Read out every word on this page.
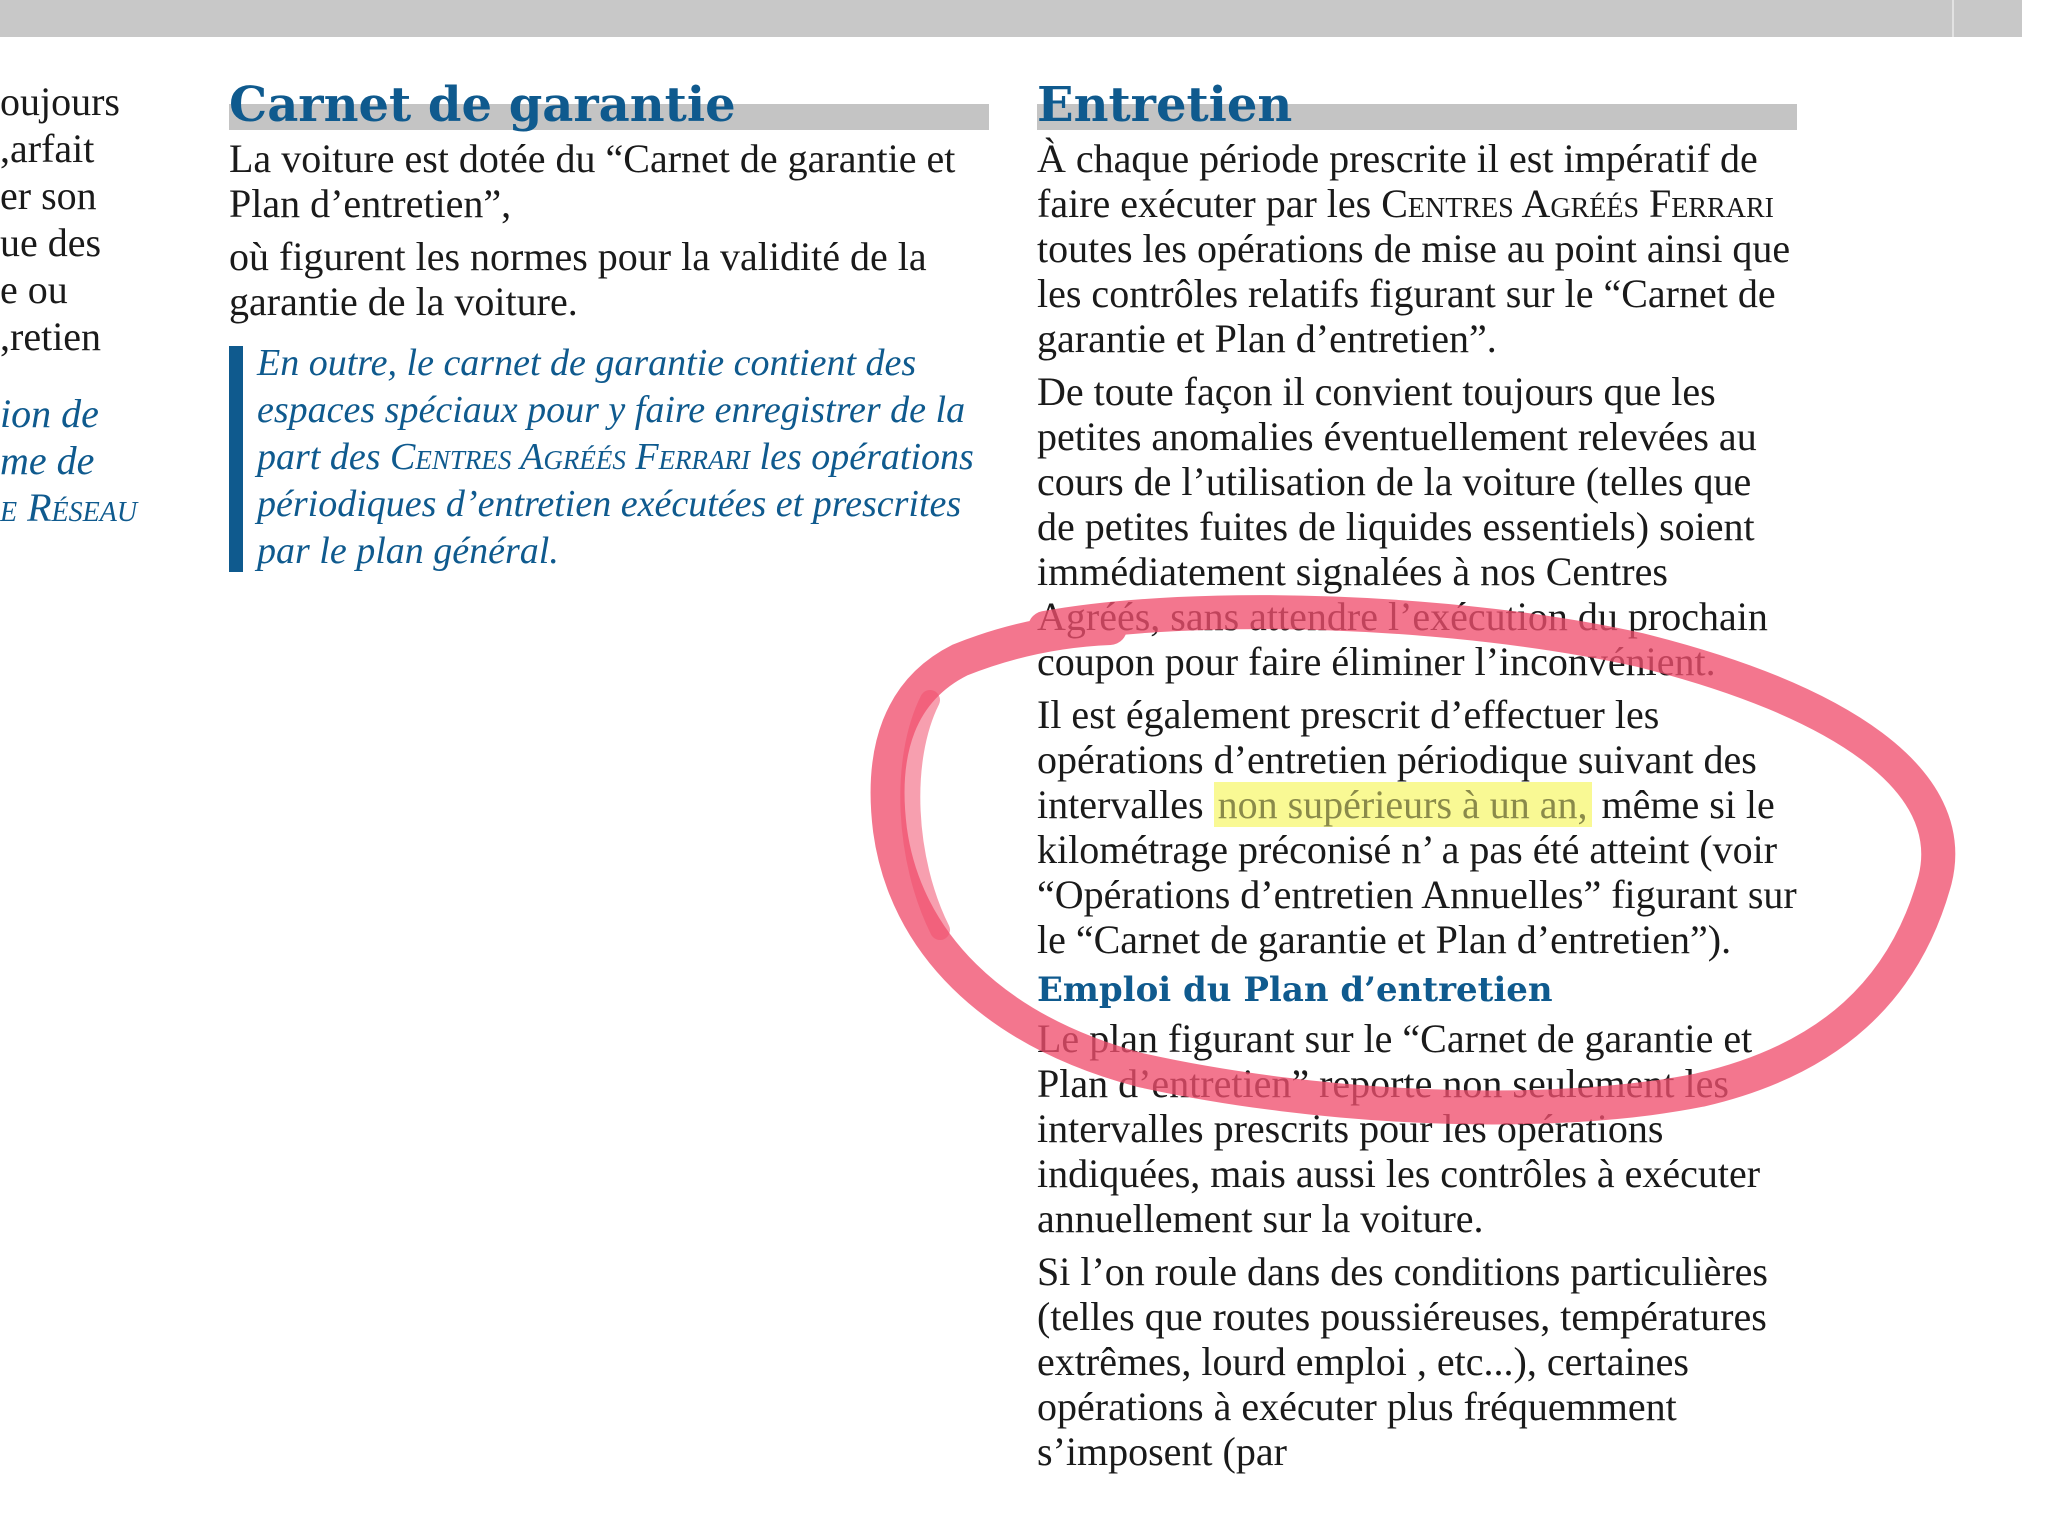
oujours
arfait,
er son
ue des
e ou
retien,
ion de
me de
e Réseau
Carnet de garantie

La voiture est dotée du “Carnet de garantie et Plan d’entretien”,

où figurent les normes pour la validité de la garantie de la voiture.

En outre, le carnet de garantie contient des espaces spéciaux pour y faire enregistrer de la part des Centres Agréés Ferrari les opérations périodiques d’entretien exécutées et prescrites par le plan général.

Entretien

À chaque période prescrite il est impératif de faire exécuter par les Centres Agréés Ferrari toutes les opérations de mise au point ainsi que les contrôles relatifs figurant sur le “Carnet de garantie et Plan d’entretien”.

De toute façon il convient toujours que les petites anomalies éventuellement relevées au cours de l’utilisation de la voiture (telles que de petites fuites de liquides essentiels) soient immédiatement signalées à nos Centres Agréés, sans attendre l’exécution du prochain coupon pour faire éliminer l’inconvénient.

Il est également prescrit d’effectuer les opérations d’entretien périodique suivant des intervalles non supérieurs à un an, même si le kilométrage préconisé n’ a pas été atteint (voir “Opérations d’entretien Annuelles” figurant sur le “Carnet de garantie et Plan d’entretien”).

Emploi du Plan d’entretien

Le plan figurant sur le “Carnet de garantie et Plan d’entretien” reporte non seulement les intervalles prescrits pour les opérations indiquées, mais aussi les contrôles à exécuter annuellement sur la voiture.

Si l’on roule dans des conditions particulières (telles que routes poussiéreuses, températures extrêmes, lourd emploi , etc...), certaines opérations à exécuter plus fréquemment s’imposent (par
